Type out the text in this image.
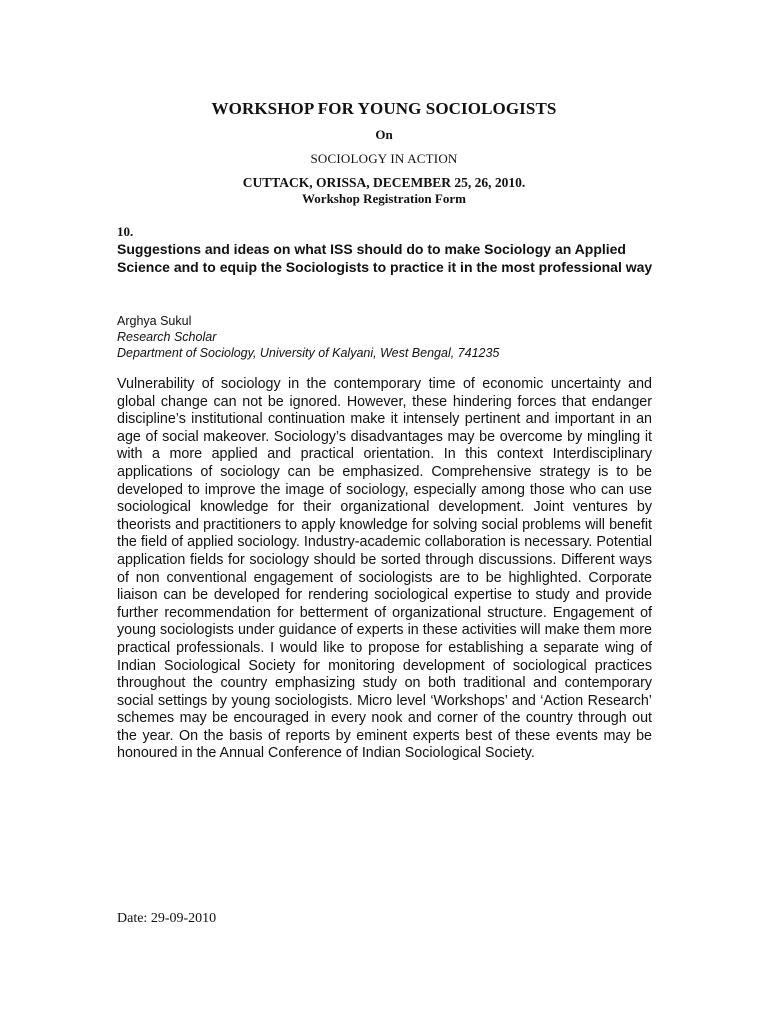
WORKSHOP FOR YOUNG SOCIOLOGISTS
On
SOCIOLOGY IN ACTION
CUTTACK, ORISSA, DECEMBER 25, 26, 2010.
Workshop Registration Form
10.

Suggestions and ideas on what ISS should do to make Sociology an Applied Science and to equip the Sociologists to practice it in the most professional way

Arghya Sukul
Research Scholar
Department of Sociology, University of Kalyani, West Bengal, 741235

Vulnerability of sociology in the contemporary time of economic uncertainty and global change can not be ignored. However, these hindering forces that endanger discipline’s institutional continuation make it intensely pertinent and important in an age of social makeover. Sociology’s disadvantages may be overcome by mingling it with a more applied and practical orientation. In this context Interdisciplinary applications of sociology can be emphasized. Comprehensive strategy is to be developed to improve the image of sociology, especially among those who can use sociological knowledge for their organizational development. Joint ventures by theorists and practitioners to apply knowledge for solving social problems will benefit the field of applied sociology. Industry-academic collaboration is necessary. Potential application fields for sociology should be sorted through discussions. Different ways of non conventional engagement of sociologists are to be highlighted. Corporate liaison can be developed for rendering sociological expertise to study and provide further recommendation for betterment of organizational structure. Engagement of young sociologists under guidance of experts in these activities will make them more practical professionals. I would like to propose for establishing a separate wing of Indian Sociological Society for monitoring development of sociological practices throughout the country emphasizing study on both traditional and contemporary social settings by young sociologists. Micro level ‘Workshops’ and ‘Action Research’ schemes may be encouraged in every nook and corner of the country through out the year. On the basis of reports by eminent experts best of these events may be honoured in the Annual Conference of Indian Sociological Society.

Date: 29-09-2010
